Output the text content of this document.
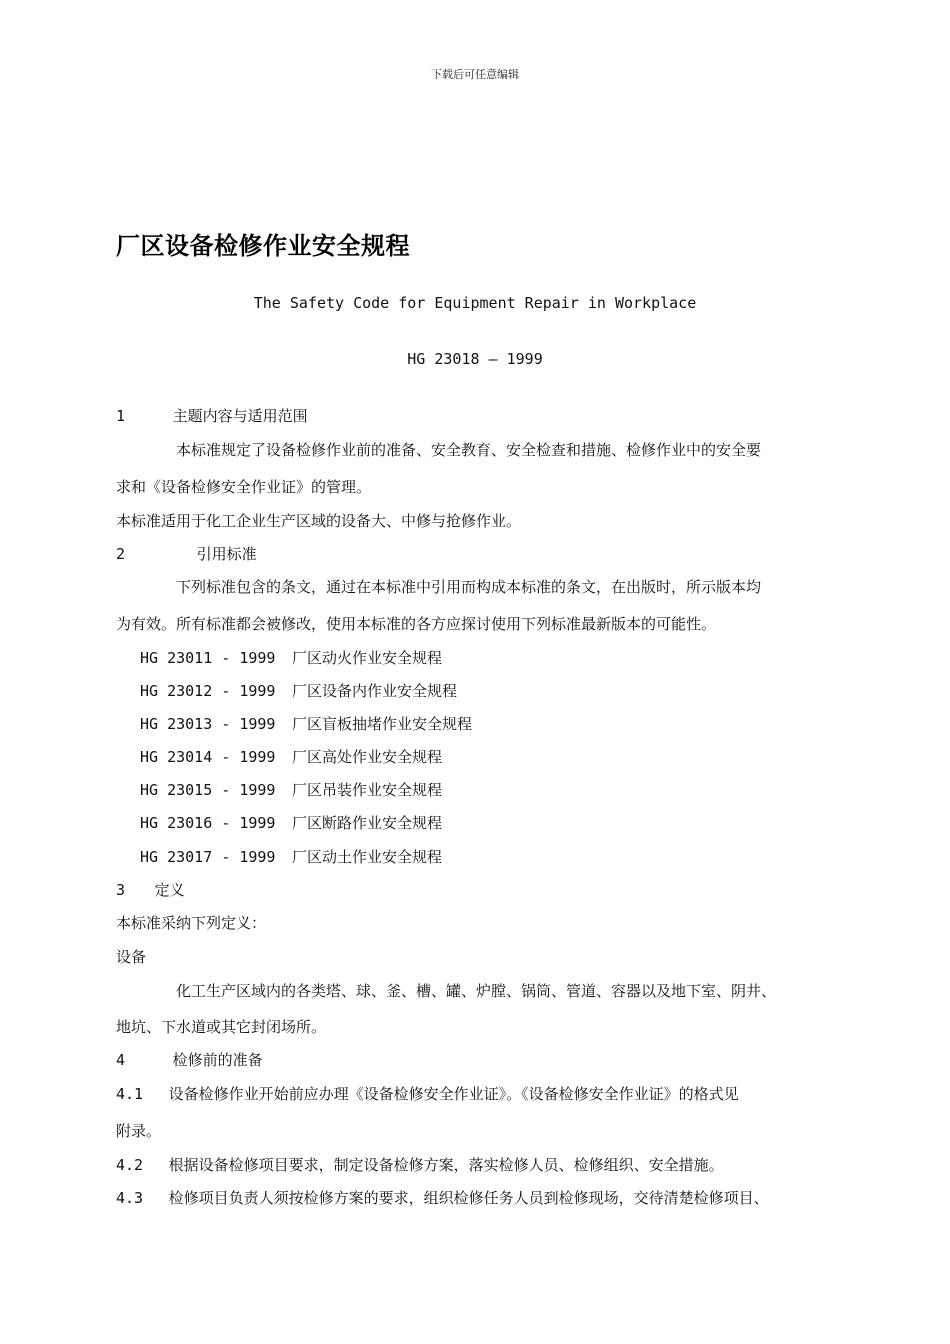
下载后可任意编辑
厂区设备检修作业安全规程
The Safety Code for Equipment Repair in Workplace
HG 23018 – 1999
1	主题内容与适用范围
本标准规定了设备检修作业前的准备、安全教育、安全检查和措施、检修作业中的安全要
求和《设备检修安全作业证》的管理。
本标准适用于化工企业生产区域的设备大、中修与抢修作业。
2	引用标准
下列标准包含的条文，通过在本标准中引用而构成本标准的条文，在出版时，所示版本均
为有效。所有标准都会被修改，使用本标准的各方应探讨使用下列标准最新版本的可能性。
HG 23011 - 1999 厂区动火作业安全规程
HG 23012 - 1999 厂区设备内作业安全规程
HG 23013 - 1999 厂区盲板抽堵作业安全规程
HG 23014 - 1999 厂区高处作业安全规程
HG 23015 - 1999 厂区吊装作业安全规程
HG 23016 - 1999 厂区断路作业安全规程
HG 23017 - 1999 厂区动土作业安全规程
3 定义
本标准采纳下列定义：
设备
化工生产区域内的各类塔、球、釜、槽、罐、炉膛、锅筒、管道、容器以及地下室、阴井、
地坑、下水道或其它封闭场所。
4	检修前的准备
4.1 设备检修作业开始前应办理《设备检修安全作业证》。《设备检修安全作业证》的格式见
附录。
4.2 根据设备检修项目要求，制定设备检修方案，落实检修人员、检修组织、安全措施。
4.3 检修项目负责人须按检修方案的要求，组织检修任务人员到检修现场，交待清楚检修项目、
